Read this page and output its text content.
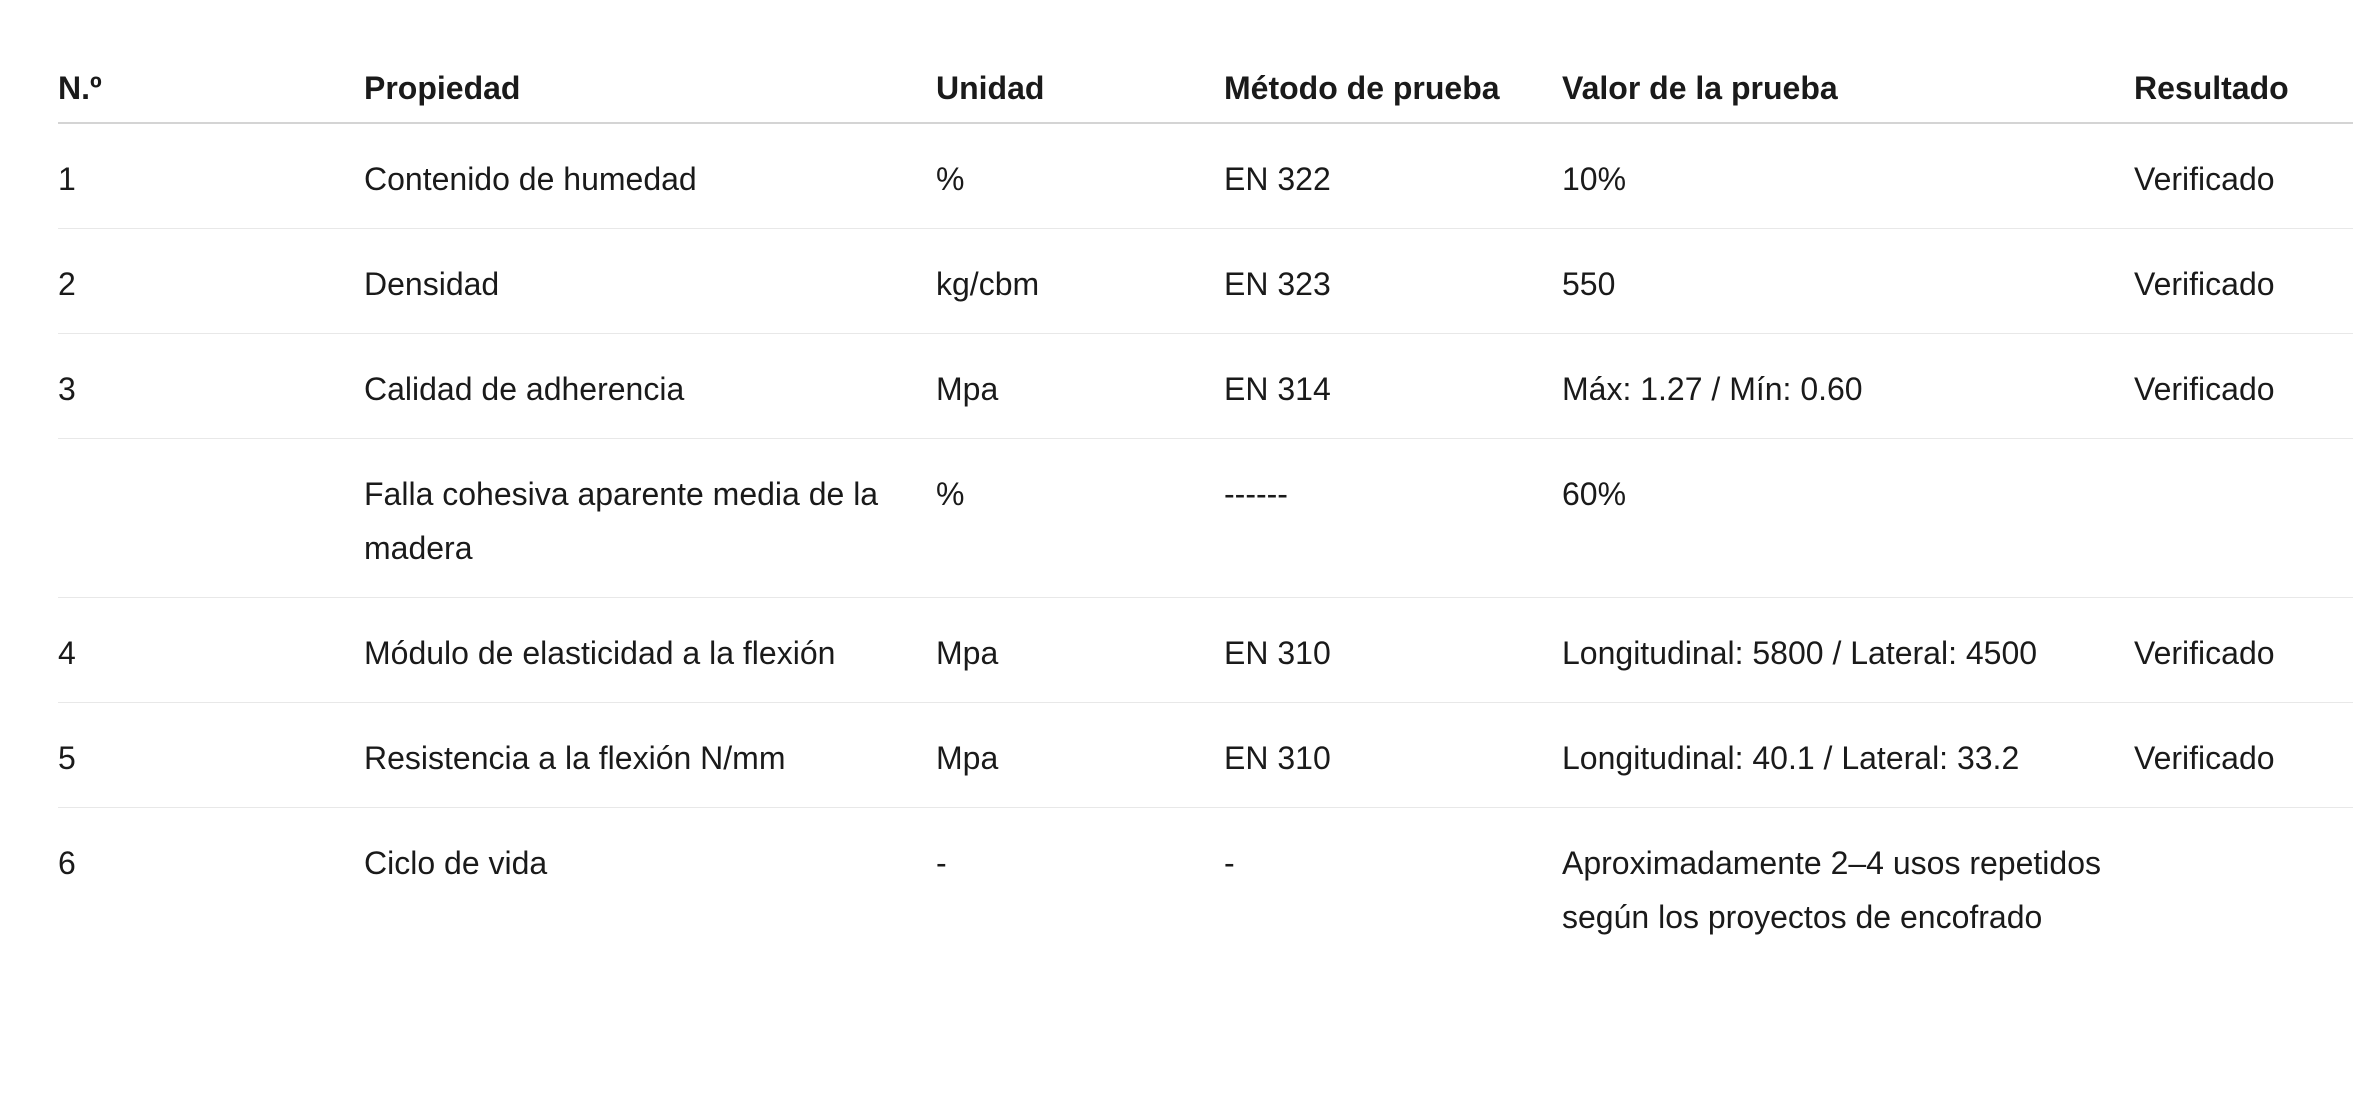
N.º	Propiedad	Unidad	Método de prueba	Valor de la prueba	Resultado
1	Contenido de humedad	%	EN 322	10%	Verificado
2	Densidad	kg/cbm	EN 323	550	Verificado
3	Calidad de adherencia	Mpa	EN 314	Máx: 1.27 / Mín: 0.60	Verificado
	Falla cohesiva aparente media de la madera	%	------	60%	
4	Módulo de elasticidad a la flexión	Mpa	EN 310	Longitudinal: 5800 / Lateral: 4500	Verificado
5	Resistencia a la flexión N/mm	Mpa	EN 310	Longitudinal: 40.1 / Lateral: 33.2	Verificado
6	Ciclo de vida	-	-	Aproximadamente 2–4 usos repetidos según los proyectos de encofrado	
